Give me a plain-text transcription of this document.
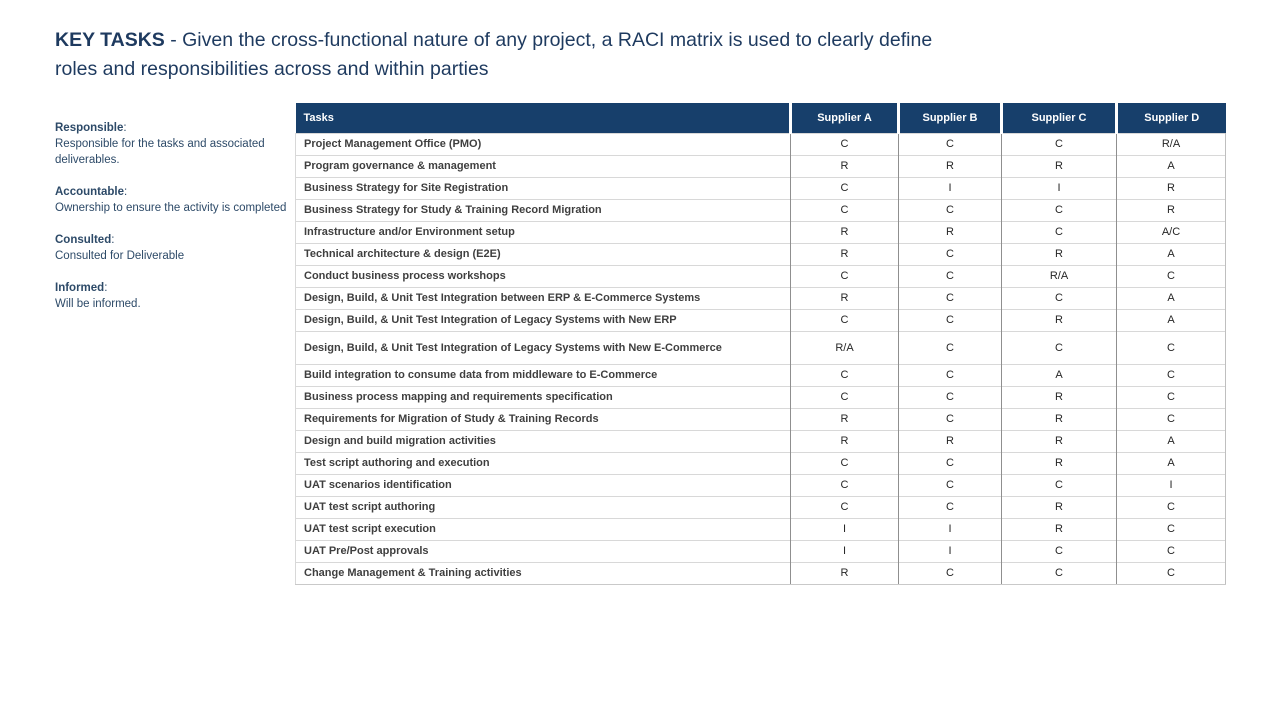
KEY TASKS - Given the cross-functional nature of any project, a RACI matrix is used to clearly define roles and responsibilities across and within parties
Responsible:
Responsible for the tasks and associated deliverables.
Accountable:
Ownership to ensure the activity is completed
Consulted:
Consulted for Deliverable
Informed:
Will be informed.
Tasks	Supplier A	Supplier B	Supplier C	Supplier D
Project Management Office (PMO)	C	C	C	R/A
Program governance & management	R	R	R	A
Business Strategy for Site Registration	C	I	I	R
Business Strategy for Study & Training Record Migration	C	C	C	R
Infrastructure and/or Environment setup	R	R	C	A/C
Technical architecture & design (E2E)	R	C	R	A
Conduct business process workshops	C	C	R/A	C
Design, Build, & Unit Test Integration between ERP & E-Commerce Systems	R	C	C	A
Design, Build, & Unit Test Integration of Legacy Systems with New ERP	C	C	R	A
Design, Build, & Unit Test Integration of Legacy Systems with New E-Commerce	R/A	C	C	C
Build integration to consume data from middleware to E-Commerce	C	C	A	C
Business process mapping and requirements specification	C	C	R	C
Requirements for Migration of Study & Training Records	R	C	R	C
Design and build migration activities	R	R	R	A
Test script authoring and execution	C	C	R	A
UAT scenarios identification	C	C	C	I
UAT test script authoring	C	C	R	C
UAT test script execution	I	I	R	C
UAT Pre/Post approvals	I	I	C	C
Change Management & Training activities	R	C	C	C
